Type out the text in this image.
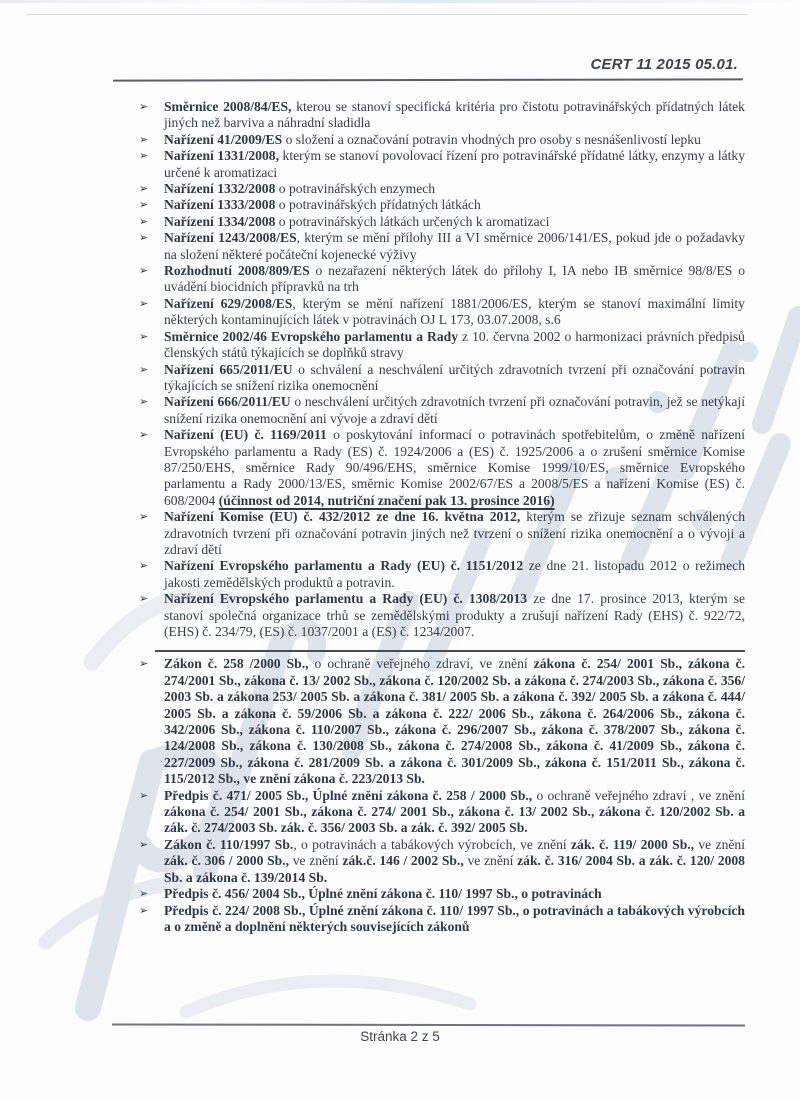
CERT 11 2015 05.01.
➢	Směrnice 2008/84/ES, kterou se stanoví specifická kritéria pro čistotu potravinářských přídatných látek jiných než barviva a náhradní sladidla
➢	Nařízení 41/2009/ES o složení a označování potravin vhodných pro osoby s nesnášenlivostí lepku
➢	Nařízení 1331/2008, kterým se stanoví povolovací řízení pro potravinářské přídatné látky, enzymy a látky určené k aromatizaci
➢	Nařízení 1332/2008 o potravinářských enzymech
➢	Nařízení 1333/2008 o potravinářských přídatných látkách
➢	Nařízení 1334/2008 o potravinářských látkách určených k aromatizaci
➢	Nařízení 1243/2008/ES, kterým se mění přílohy III a VI směrnice 2006/141/ES, pokud jde o požadavky na složení některé počáteční kojenecké výživy
➢	Rozhodnutí 2008/809/ES o nezařazení některých látek do přílohy I, IA nebo IB směrnice 98/8/ES o uvádění biocidních přípravků na trh
➢	Nařízení 629/2008/ES, kterým se mění nařízení 1881/2006/ES, kterým se stanoví maximální limity některých kontaminujících látek v potravinách OJ L 173, 03.07.2008, s.6
➢	Směrnice 2002/46 Evropského parlamentu a Rady z 10. června 2002 o harmonizaci právních předpisů členských států týkajících se doplňků stravy
➢	Nařízení 665/2011/EU o schválení a neschválení určitých zdravotních tvrzení při označování potravin týkajících se snížení rizika onemocnění
➢	Nařízení 666/2011/EU o neschválení určitých zdravotních tvrzení při označování potravin, jež se netýkají snížení rizika onemocnění ani vývoje a zdraví dětí
➢	Nařízení (EU) č. 1169/2011 o poskytování informací o potravinách spotřebitelům, o změně nařízení Evropského parlamentu a Rady (ES) č. 1924/2006 a (ES) č. 1925/2006 a o zrušení směrnice Komise 87/250/EHS, směrnice Rady 90/496/EHS, směrnice Komise 1999/10/ES, směrnice Evropského parlamentu a Rady 2000/13/ES, směrnic Komise 2002/67/ES a 2008/5/ES a nařízení Komise (ES) č. 608/2004 (účinnost od 2014, nutriční značení pak 13. prosince 2016)
➢	Nařízení Komise (EU) č. 432/2012 ze dne 16. května 2012, kterým se zřizuje seznam schválených zdravotních tvrzení při označování potravin jiných než tvrzení o snížení rizika onemocnění a o vývoji a zdraví dětí
➢	Nařízení Evropského parlamentu a Rady (EU) č. 1151/2012 ze dne 21. listopadu 2012 o režimech jakosti zemědělských produktů a potravin.
➢	Nařízení Evropského parlamentu a Rady (EU) č. 1308/2013 ze dne 17. prosince 2013, kterým se stanoví společná organizace trhů se zemědělskými produkty a zrušují nařízení Rady (EHS) č. 922/72, (EHS) č. 234/79, (ES) č. 1037/2001 a (ES) č. 1234/2007.
➢	Zákon č. 258 /2000 Sb., o ochraně veřejného zdraví, ve znění zákona č. 254/ 2001 Sb., zákona č. 274/2001 Sb., zákona č. 13/ 2002 Sb., zákona č. 120/2002 Sb. a zákona č. 274/2003 Sb., zákona č. 356/ 2003 Sb. a zákona 253/ 2005 Sb. a zákona č. 381/ 2005 Sb. a zákona č. 392/ 2005 Sb. a zákona č. 444/ 2005 Sb. a zákona č. 59/2006 Sb. a zákona č. 222/ 2006 Sb., zákona č. 264/2006 Sb., zákona č. 342/2006 Sb., zákona č. 110/2007 Sb., zákona č. 296/2007 Sb., zákona č. 378/2007 Sb., zákona č. 124/2008 Sb., zákona č. 130/2008 Sb., zákona č. 274/2008 Sb., zákona č. 41/2009 Sb., zákona č. 227/2009 Sb., zákona č. 281/2009 Sb. a zákona č. 301/2009 Sb., zákona č. 151/2011 Sb., zákona č. 115/2012 Sb., ve znění zákona č. 223/2013 Sb.
➢	Předpis č. 471/ 2005 Sb., Úplné znění zákona č. 258 / 2000 Sb., o ochraně veřejného zdraví , ve znění zákona č. 254/ 2001 Sb., zákona č. 274/ 2001 Sb., zákona č. 13/ 2002 Sb., zákona č. 120/2002 Sb. a zák. č. 274/2003 Sb. zák. č. 356/ 2003 Sb. a zák. č. 392/ 2005 Sb.
➢	Zákon č. 110/1997 Sb., o potravinách a tabákových výrobcích, ve znění zák. č. 119/ 2000 Sb., ve znění zák. č. 306 / 2000 Sb., ve znění zák.č. 146 / 2002 Sb., ve znění zák. č. 316/ 2004 Sb. a zák. č. 120/ 2008 Sb. a zákona č. 139/2014 Sb.
➢	Předpis č. 456/ 2004 Sb., Úplné znění zákona č. 110/ 1997 Sb., o potravinách
➢	Předpis č. 224/ 2008 Sb., Úplné znění zákona č. 110/ 1997 Sb., o potravinách a tabákových výrobcích a o změně a doplnění některých souvisejících zákonů
Stránka 2 z 5
